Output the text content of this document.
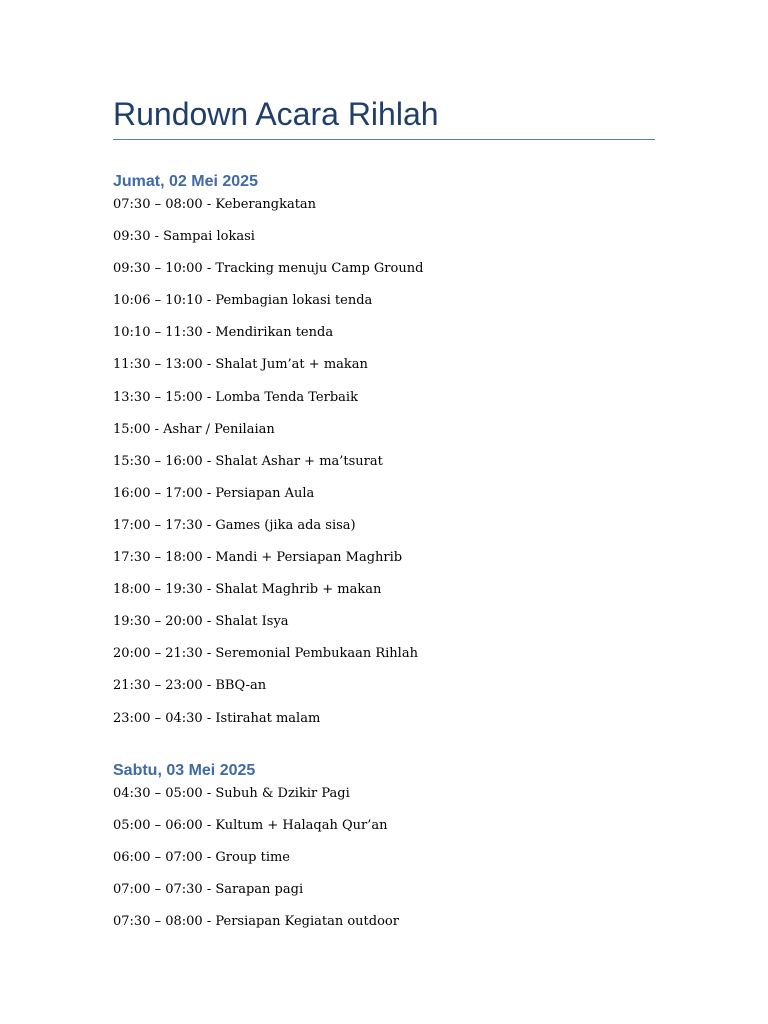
Rundown Acara Rihlah
Jumat, 02 Mei 2025
07:30 – 08:00 - Keberangkatan
09:30 - Sampai lokasi
09:30 – 10:00 - Tracking menuju Camp Ground
10:06 – 10:10 - Pembagian lokasi tenda
10:10 – 11:30 - Mendirikan tenda
11:30 – 13:00 - Shalat Jum’at + makan
13:30 – 15:00 - Lomba Tenda Terbaik
15:00 - Ashar / Penilaian
15:30 – 16:00 - Shalat Ashar + ma’tsurat
16:00 – 17:00 - Persiapan Aula
17:00 – 17:30 - Games (jika ada sisa)
17:30 – 18:00 - Mandi + Persiapan Maghrib
18:00 – 19:30 - Shalat Maghrib + makan
19:30 – 20:00 - Shalat Isya
20:00 – 21:30 - Seremonial Pembukaan Rihlah
21:30 – 23:00 - BBQ-an
23:00 – 04:30 - Istirahat malam
Sabtu, 03 Mei 2025
04:30 – 05:00 - Subuh & Dzikir Pagi
05:00 – 06:00 - Kultum + Halaqah Qur’an
06:00 – 07:00 - Group time
07:00 – 07:30 - Sarapan pagi
07:30 – 08:00 - Persiapan Kegiatan outdoor
